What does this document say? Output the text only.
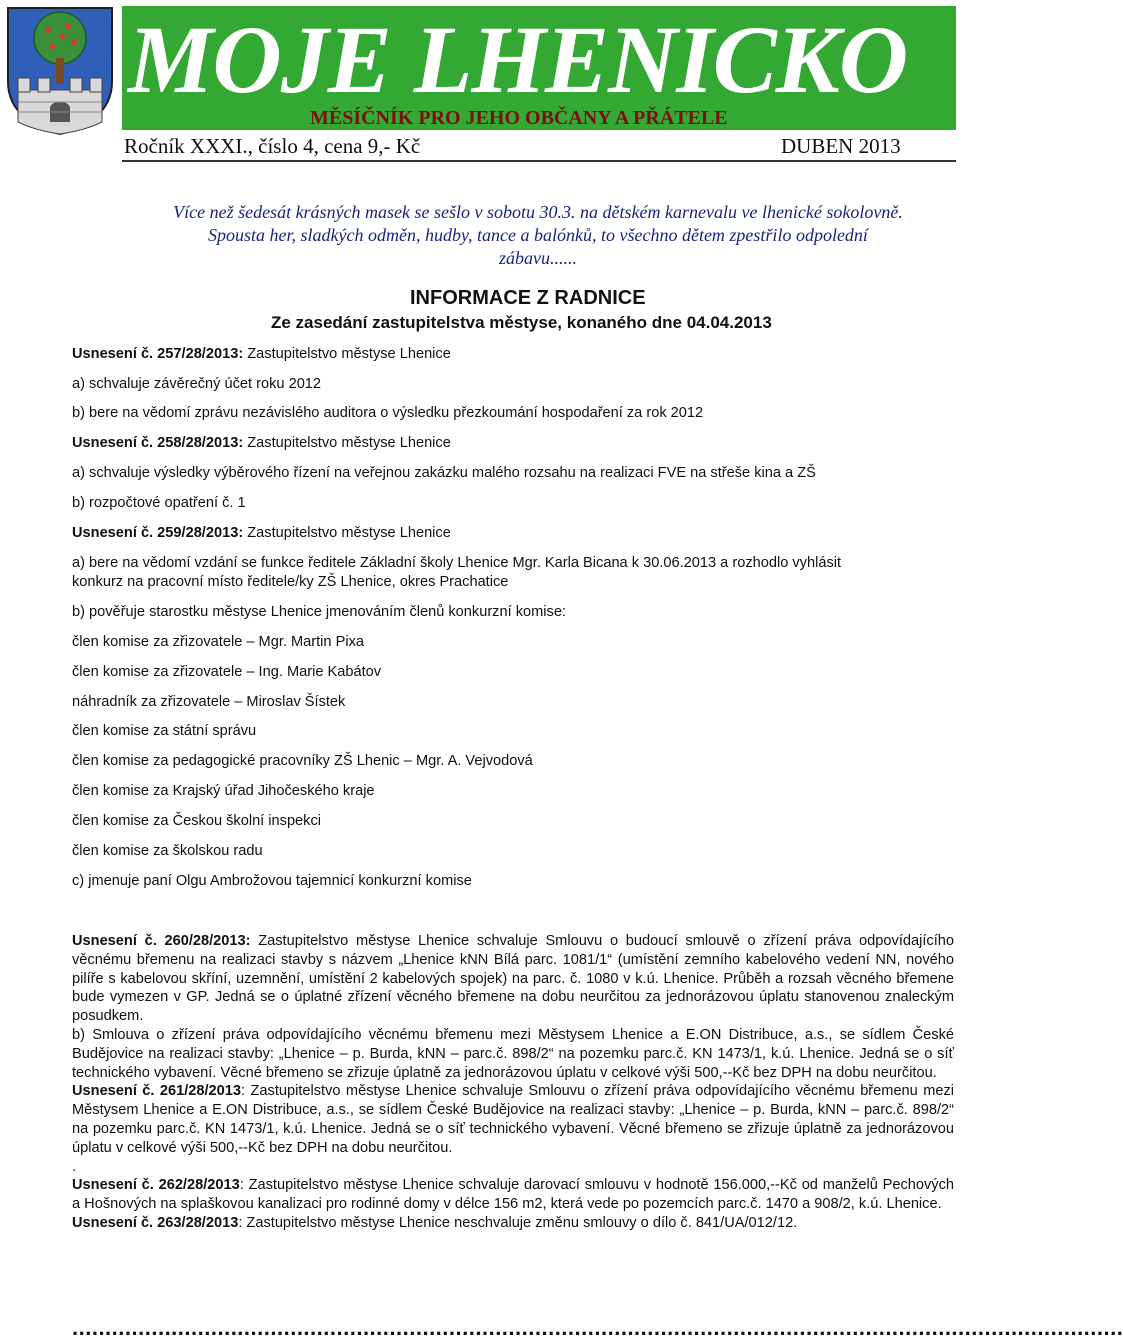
MOJE LHENICKO
MĚSÍČNÍK PRO JEHO OBČANY A PŘÁTELE
Ročník XXXI., číslo 4, cena 9,- Kč	DUBEN 2013
Více než šedesát krásných masek se sešlo v sobotu 30.3. na dětském karnevalu ve lhenické sokolovně.
Spousta her, sladkých odměn, hudby, tance a balónků, to všechno dětem zpestřilo odpolední
zábavu......
INFORMACE Z RADNICE
Ze zasedání zastupitelstva městyse, konaného dne 04.04.2013
Usnesení č. 257/28/2013: Zastupitelstvo městyse Lhenice
a) schvaluje závěrečný účet roku 2012
b) bere na vědomí zprávu nezávislého auditora o výsledku přezkoumání hospodaření za rok 2012
Usnesení č. 258/28/2013: Zastupitelstvo městyse Lhenice
a) schvaluje výsledky výběrového řízení na veřejnou zakázku malého rozsahu na realizaci FVE na střeše kina a ZŠ
b) rozpočtové opatření č. 1
Usnesení č. 259/28/2013: Zastupitelstvo městyse Lhenice
a) bere na vědomí vzdání se funkce ředitele Základní školy Lhenice Mgr. Karla Bicana k 30.06.2013 a rozhodlo vyhlásit
konkurz na pracovní místo ředitele/ky ZŠ Lhenice, okres Prachatice
b) pověřuje starostku městyse Lhenice jmenováním členů konkurzní komise:
člen komise za zřizovatele – Mgr. Martin Pixa
člen komise za zřizovatele – Ing. Marie Kabátov
náhradník za zřizovatele – Miroslav Šístek
člen komise za státní správu
člen komise za pedagogické pracovníky ZŠ Lhenic – Mgr. A. Vejvodová
člen komise za Krajský úřad Jihočeského kraje
člen komise za Českou školní inspekci
člen komise za školskou radu
c) jmenuje paní Olgu Ambrožovou tajemnicí konkurzní komise

Usnesení č. 260/28/2013: Zastupitelstvo městyse Lhenice schvaluje Smlouvu o budoucí smlouvě o zřízení práva odpovídajícího věcnému břemenu na realizaci stavby s názvem „Lhenice kNN Bílá parc. 1081/1“ (umístění zemního kabelového vedení NN, nového pilíře s kabelovou skříní, uzemnění, umístění 2 kabelových spojek) na parc. č. 1080 v k.ú. Lhenice. Průběh a rozsah věcného břemene bude vymezen v GP. Jedná se o úplatné zřízení věcného břemene na dobu neurčitou za jednorázovou úplatu stanovenou znaleckým posudkem.

b) Smlouva o zřízení práva odpovídajícího věcnému břemenu mezi Městysem Lhenice a E.ON Distribuce, a.s., se sídlem České Budějovice na realizaci stavby: „Lhenice – p. Burda, kNN – parc.č. 898/2“ na pozemku parc.č. KN 1473/1, k.ú. Lhenice. Jedná se o síť technického vybavení. Věcné břemeno se zřizuje úplatně za jednorázovou úplatu v celkové výši 500,--Kč bez DPH na dobu neurčitou.

Usnesení č. 261/28/2013: Zastupitelstvo městyse Lhenice schvaluje Smlouvu o zřízení práva odpovídajícího věcnému břemenu mezi Městysem Lhenice a E.ON Distribuce, a.s., se sídlem České Budějovice na realizaci stavby: „Lhenice – p. Burda, kNN – parc.č. 898/2“ na pozemku parc.č. KN 1473/1, k.ú. Lhenice. Jedná se o síť technického vybavení. Věcné břemeno se zřizuje úplatně za jednorázovou úplatu v celkové výši 500,--Kč bez DPH na dobu neurčitou.

.

Usnesení č. 262/28/2013: Zastupitelstvo městyse Lhenice schvaluje darovací smlouvu v hodnotě 156.000,--Kč od manželů Pechových a Hošnových na splaškovou kanalizaci pro rodinné domy v délce 156 m2, která vede po pozemcích parc.č. 1470 a 908/2, k.ú. Lhenice.

Usnesení č. 263/28/2013: Zastupitelstvo městyse Lhenice neschvaluje změnu smlouvy o dílo č. 841/UA/012/12.

...............................................................................................................................................................
